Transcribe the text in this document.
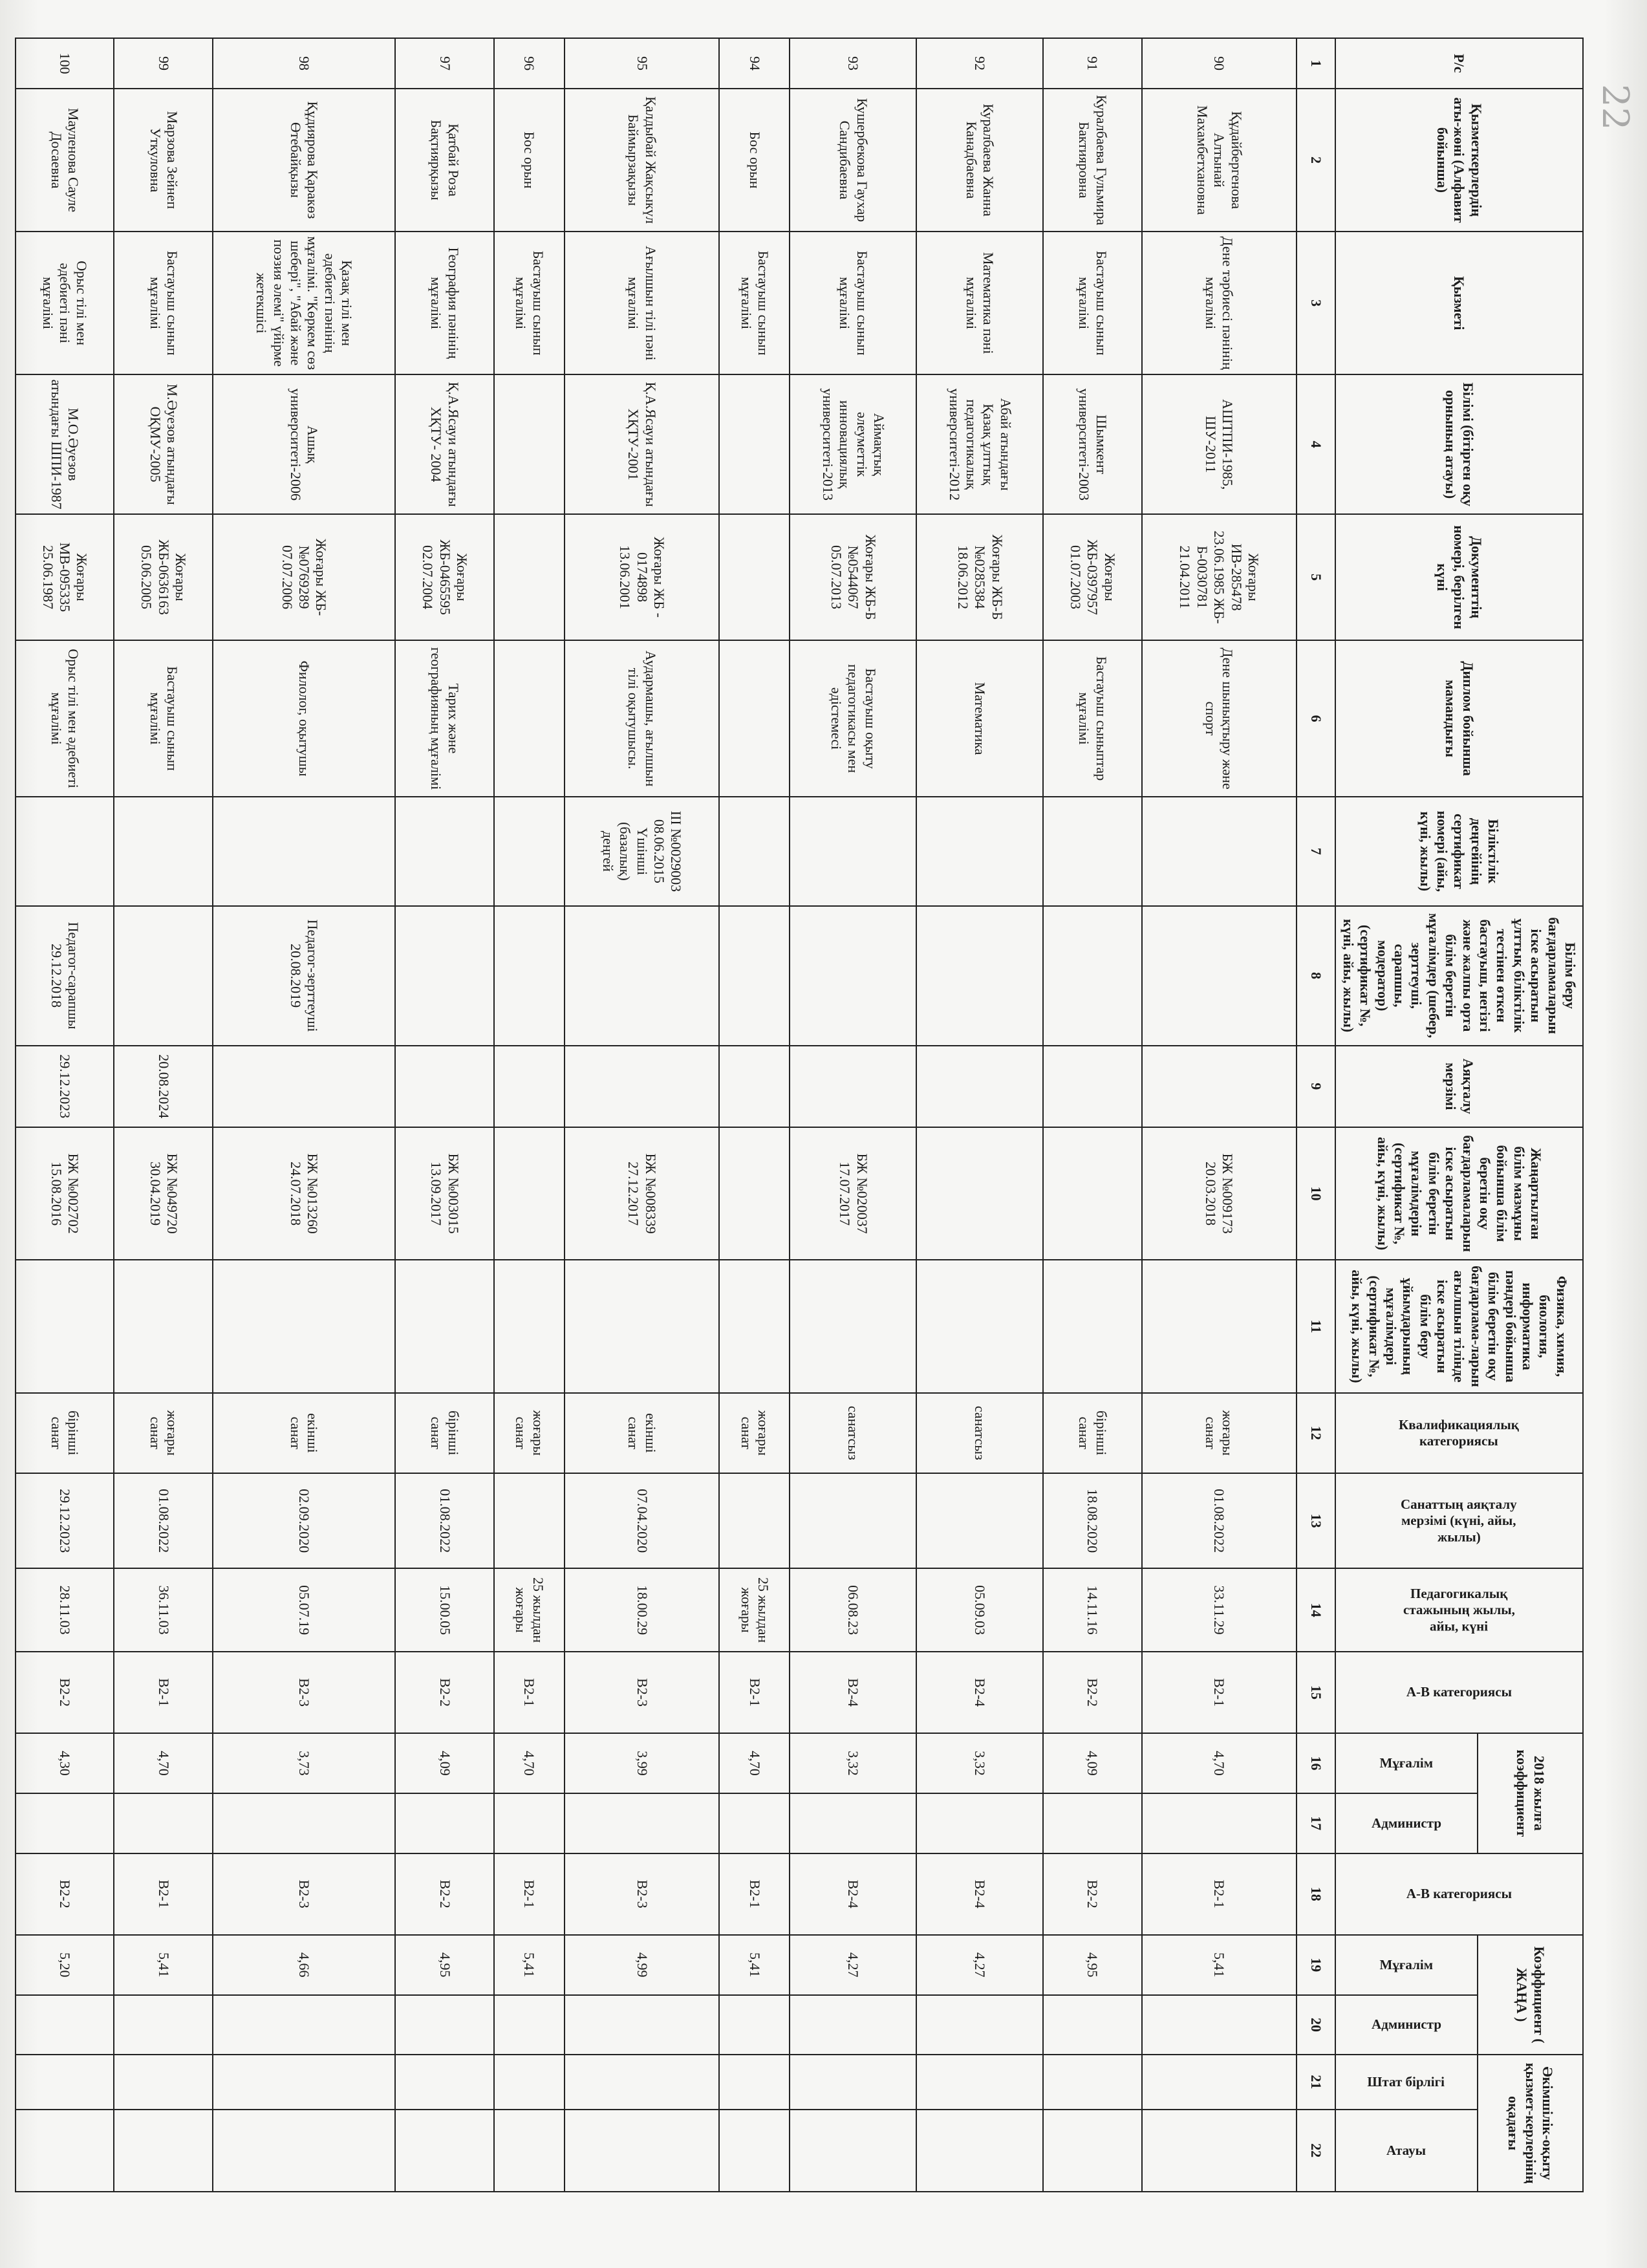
22
Р/с	Қызметкерлердің аты-жөні (Алфавит бойынша)	Қызметі	Білімі (бітірген оқу орнының атауы)	Документтің номері, берілген күні	Диплом бойынша мамандығы	Біліктілік деңгейінің сертификат номері (айы, күні, жылы)	Білім беру бағдарламаларын іске асыратын ұлттық біліктілік тестінен өткен бастауыш, негізгі және жалпы орта білім беретін мұғалімдер (шебер, зерттеуші, сарапшы, модератор) (сертификат №, күні, айы, жылы)	Аяқталу мерзімі	Жаңартылған білім мазмұны бойынша білім беретін оқу бағдарламаларын іске асыратын білім беретін мұғалімдерін (сертификат №, айы, күні, жылы)	Физика, химия, биология, информатика пәндері бойынша білім беретін оқу бағдарлама-ларын ағылшын тілінде іске асыратын білім беру ұйымдарының мұғалімдері (сертификат №, айы, күні, жылы)	Квалификациялық категориясы	Санаттың аяқталу мерзімі (күні, айы, жылы)	Педагогикалық стажының жылы, айы, күні	А-В категориясы	2018 жылға коэффициент		А-В категориясы	Коэффициент ( ЖАҢА )		Әкімшілік-оқыту қызмет-керлерінің оқадағы	

															Мұғалім	Администр		Мұғалім	Администр	Штат бірлігі	Атауы

1	2	3	4	5	6	7	8	9	10	11	12	13	14	15	16	17	18	19	20	21	22
90	Құдайбергенова Алтынай Махамбетхановна	Дене тәрбиесі пәнінің мұғалімі	АШТПИ-1985, ШУ-2011	Жоғары ИВ-285478 23.06.1985 ЖБ-Б-0030781 21.04.2011	Дене шынықтыру және спорт				БЖ №009173 20.03.2018		жоғары санат	01.08.2022	33.11.29	B2-1	4,70		B2-1	5,41			
91	Куралбаева Гульмира Бактияровна	Бастауыш сынып мұғалімі	Шымкент университеті-2003	Жоғары ЖБ-0397957 01.07.2003	Бастауыш сыныптар мұғалімі						бірінші санат	18.08.2020	14.11.16	B2-2	4,09		B2-2	4,95			
92	Куралбаева Жанна Канадбаевна	Математика пәні мұғалімі	Абай атындағы Қазақ ұлттық педагогикалық университеті-2012	Жоғары ЖБ-Б №0285384 18.06.2012	Математика						санатсыз		05.09.03	B2-4	3,32		B2-4	4,27			
93	Кушербекова Гаухар Сандибаевна	Бастауыш сынып мұғалімі	Аймақтық әлеуметтік инновациялық университеті-2013	Жоғары ЖБ-Б №0544067 05.07.2013	Бастауыш оқыту педагогикасы мен әдістемесі				БЖ №020037 17.07.2017		санатсыз		06.08.23	B2-4	3,32		B2-4	4,27			
94	Бос орын	Бастауыш сынып мұғалімі									жоғары санат		25 жылдан жоғары	B2-1	4,70		B2-1	5,41			
95	Қалдыбай Жақсыкүл Баймырзақызы	Ағылшын тілі пәні мұғалімі	Қ.А.Ясауи атындағы ХҚТУ-2001	Жоғары ЖБ - 0174898 13.06.2001	Аудармашы, ағылшын тілі оқытушысы.	III №0029003 08.06.2015 Үшінші (базалық) деңгей			БЖ №008339 27.12.2017		екінші санат	07.04.2020	18.00.29	B2-3	3,99		B2-3	4,99			
96	Бос орын	Бастауыш сынып мұғалімі									жоғары санат		25 жылдан жоғары	B2-1	4,70		B2-1	5,41			
97	Қатбай Роза Бақтиярқызы	География пәнінің мұғалімі	Қ.А.Ясауи атындағы ХҚТУ- 2004	Жоғары ЖБ-0465595 02.07.2004	Тарих және географияның мұғалімі				БЖ №003015 13.09.2017		бірінші санат	01.08.2022	15.00.05	B2-2	4,09		B2-2	4,95			
98	Құдиярова Қаракөз Өтебайқызы	Қазақ тілі мен әдебиеті пәнінің мұғалімі. "Көркем сөз шебері", "Абай және поэзия әлемі" үйірме жетекшісі	Ашық университеті-2006	Жоғары ЖБ-№0769289 07.07.2006	Филолог, оқытушы		Педагог-зерттеуші 20.08.2019		БЖ №013260 24.07.2018		екінші санат	02.09.2020	05.07.19	B2-3	3,73		B2-3	4,66			
99	Марзова Зейнеп Уткуловна	Бастауыш сынып мұғалімі	М.Әуезов атындағы ОҚМУ-2005	Жоғары ЖБ-0636163 05.06.2005	Бастауыш сынып мұғалімі			20.08.2024	БЖ №049720 30.04.2019		жоғары санат	01.08.2022	36.11.03	B2-1	4,70		B2-1	5,41			
100	Мауленова Сауле Досаевна	Орыс тілі мен әдебиеті пәні мұғалімі	М.О.Әуезов атындағы ШПИ-1987	Жоғары МВ-095335 25.06.1987	Орыс тілі мен әдебиеті мұғалімі		Педагог-сарапшы 29.12.2018	29.12.2023	БЖ №002702 15.08.2016		бірінші санат	29.12.2023	28.11.03	B2-2	4,30		B2-2	5,20			
